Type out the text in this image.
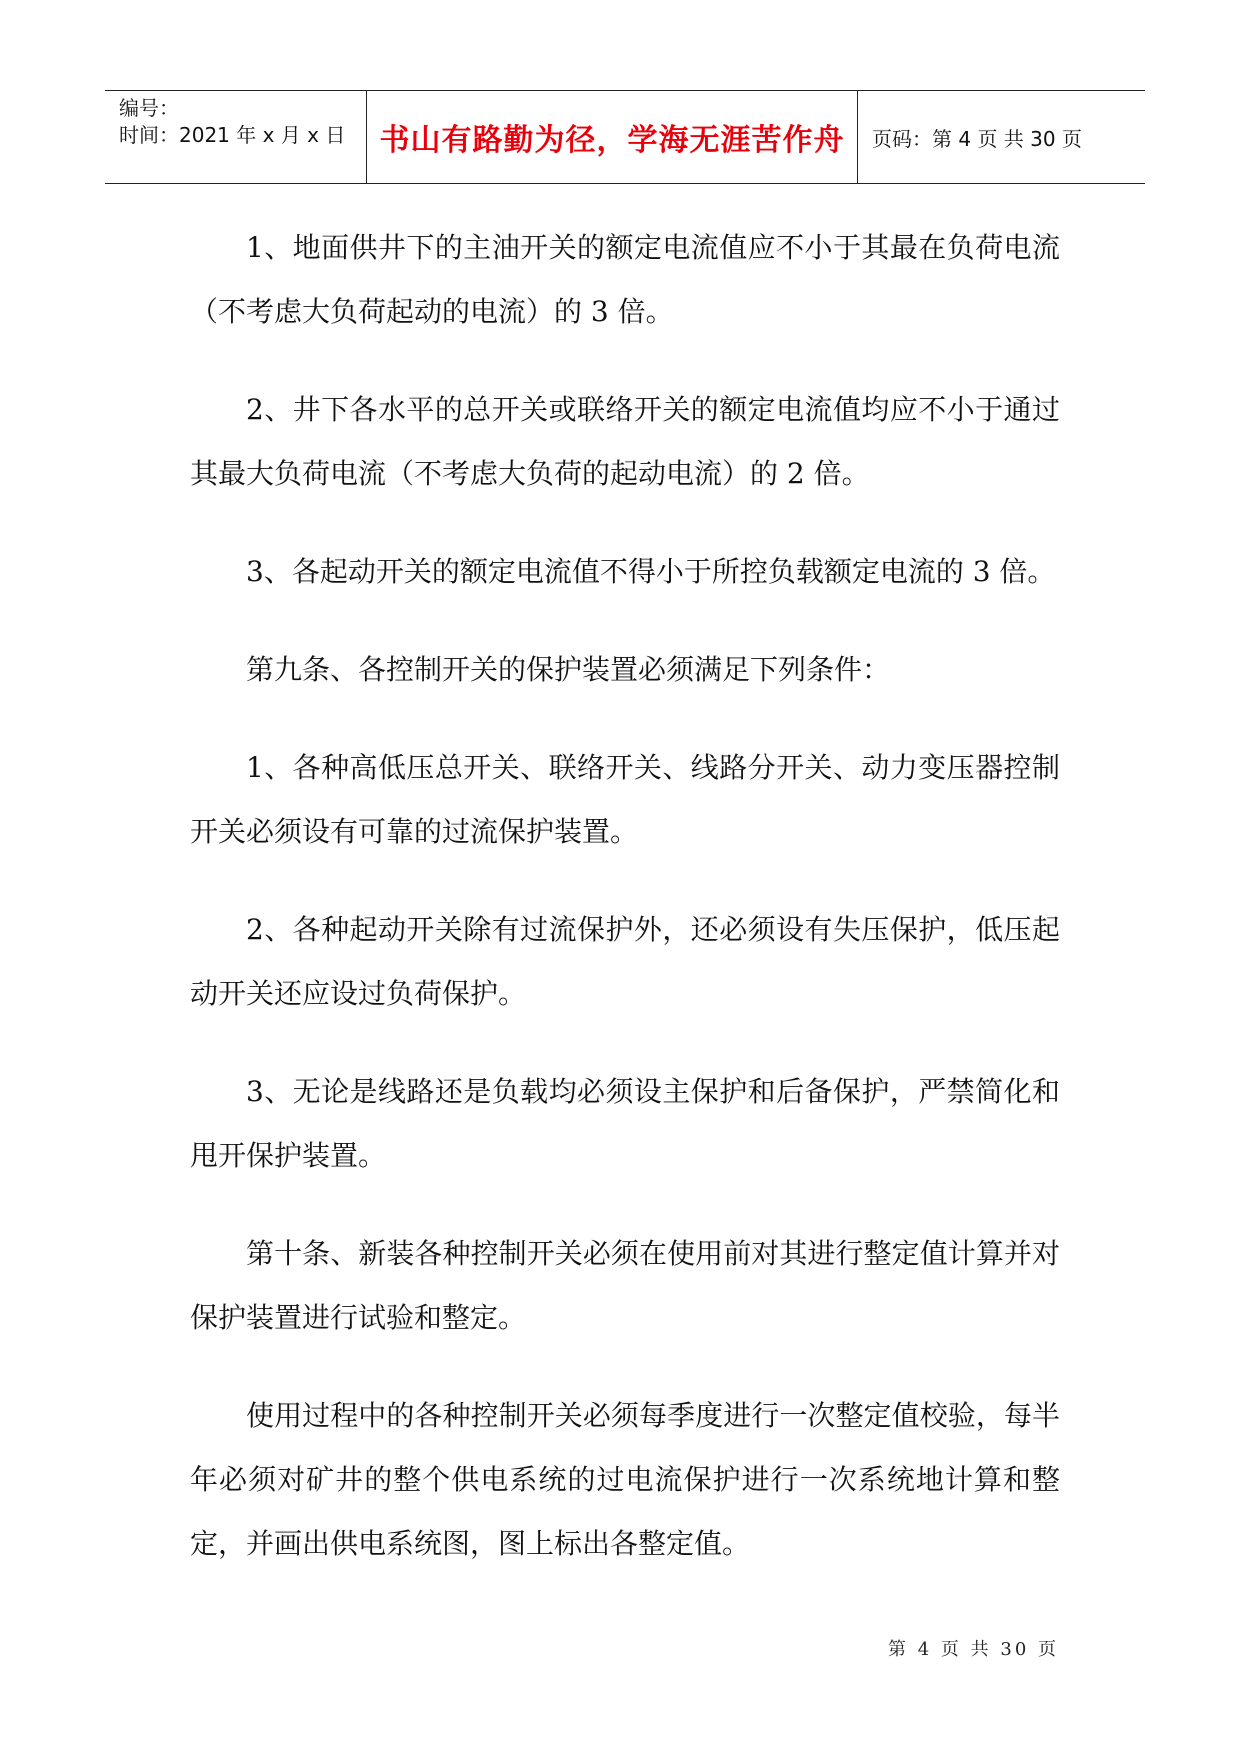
编号：
时间：2021 年 x 月 x 日	书山有路勤为径，学海无涯苦作舟	页码：第 4 页 共 30 页

1、地面供井下的主油开关的额定电流值应不小于其最在负荷电流（不考虑大负荷起动的电流）的 3 倍。

2、井下各水平的总开关或联络开关的额定电流值均应不小于通过其最大负荷电流（不考虑大负荷的起动电流）的 2 倍。

3、各起动开关的额定电流值不得小于所控负载额定电流的 3 倍。

第九条、各控制开关的保护装置必须满足下列条件：

1、各种高低压总开关、联络开关、线路分开关、动力变压器控制开关必须设有可靠的过流保护装置。

2、各种起动开关除有过流保护外，还必须设有失压保护，低压起动开关还应设过负荷保护。

3、无论是线路还是负载均必须设主保护和后备保护，严禁简化和甩开保护装置。

第十条、新装各种控制开关必须在使用前对其进行整定值计算并对保护装置进行试验和整定。

使用过程中的各种控制开关必须每季度进行一次整定值校验，每半年必须对矿井的整个供电系统的过电流保护进行一次系统地计算和整定，并画出供电系统图，图上标出各整定值。

第 4 页 共 30 页
